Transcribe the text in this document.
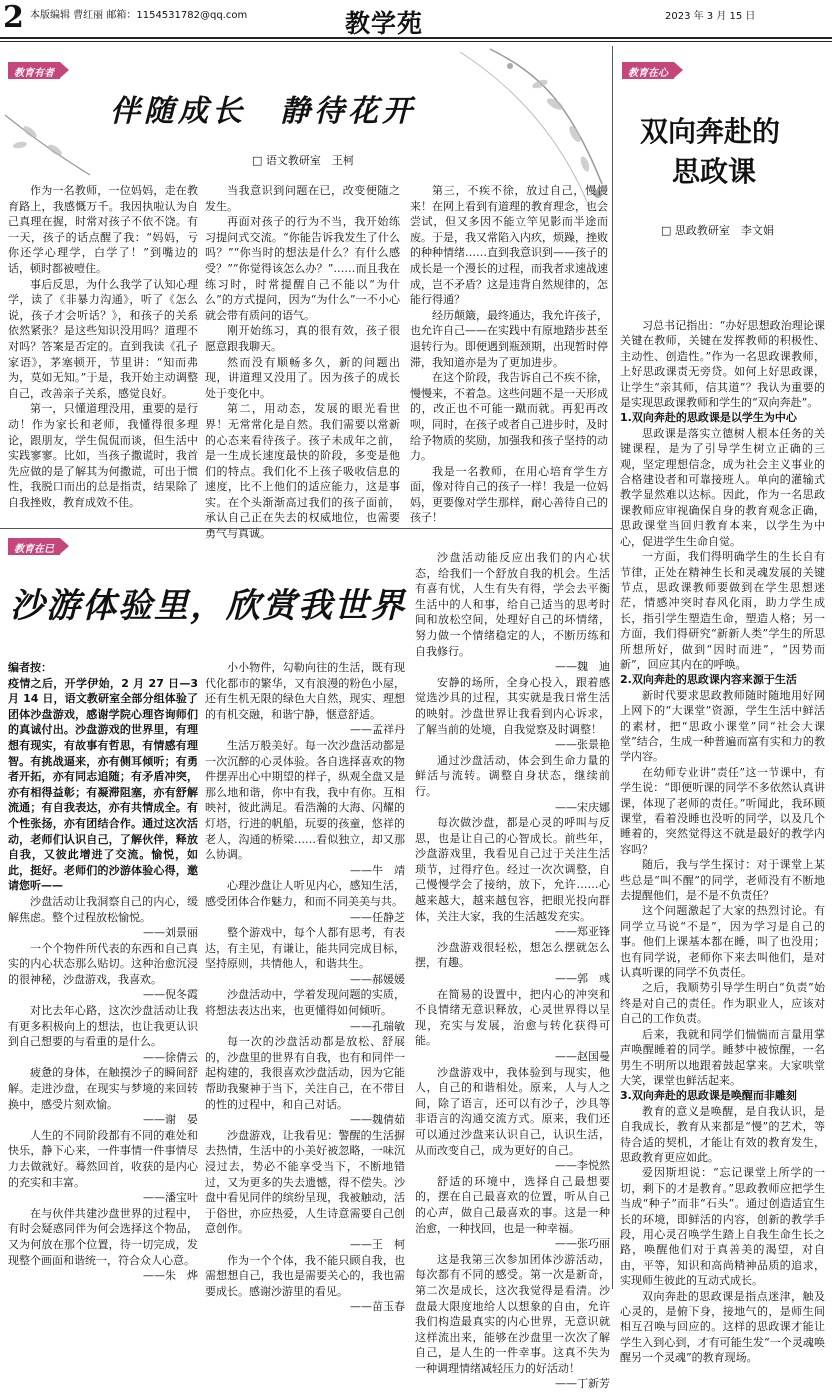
2 本版编辑 曹红丽 邮箱：1154531782@qq.com	教学苑	2023 年 3 月 15 日
教育有者
伴随成长　静待花开
□ 语文教研室　王柯

作为一名教师，一位妈妈，走在教育路上，我感慨万千。我因执啦认为自己真理在握，时常对孩子不依不饶。有一天，孩子的话点醒了我：“妈妈，亏你还学心理学，白学了！”到嘴边的话，顿时都被噎住。

事后反思，为什么我学了认知心理学，读了《非暴力沟通》，听了《怎么说，孩子才会听话？》，和孩子的关系依然紧张？是这些知识没用吗？道理不对吗？答案是否定的。直到我读《孔子家语》，茅塞顿开，节里讲：“知而弗为，莫如无知。”于是，我开始主动调整自己，改善亲子关系，感觉良好。

第一，只懂道理没用，重要的是行动！作为家长和老师，我懂得很多理论，跟朋友，学生侃侃而谈，但生活中实践寥寥。比如，当孩子撒谎时，我首先应做的是了解其为何撒谎，可出于惯性，我脱口而出的总是指责，结果除了自我挫败，教育成效不佳。

当我意识到问题在已，改变便随之发生。

再面对孩子的行为不当，我开始练习提问式交流。“你能告诉我发生了什么吗？”“你当时的想法是什么？有什么感受？”“你觉得该怎么办？”……而且我在练习时，时常提醒自己不能以“为什么”的方式提问，因为“为什么”一不小心就会带有质问的语气。

刚开始练习，真的很有效，孩子很愿意跟我聊天。

然而没有顺畅多久，新的问题出现，讲道理又没用了。因为孩子的成长处于变化中。

第二，用动态，发展的眼光看世界！无常常化是自然。我们需要以常新的心态来看待孩子。孩子未成年之前，是一生成长速度最快的阶段，多变是他们的特点。我们化不上孩子吸收信息的速度，比不上他们的适应能力，这是事实。在个头渐渐高过我们的孩子面前，承认自己正在失去的权威地位，也需要勇气与真诚。

第三，不疾不徐，放过自己，慢慢来！在网上看到有道理的教育理念，也会尝试，但又多因不能立竿见影而半途而废。于是，我又常陷入内疚，烦躁，挫败的种种情绪……直到我意识到——孩子的成长是一个漫长的过程，而我者求速战速成，岂不矛盾？这是违背自然规律的，怎能行得通？

经历颠簸，最终通达，我允许孩子，也允许自己——在实践中有原地踏步甚至退转行为。即便遇到瓶颈期，出现暂时停滞，我知道亦是为了更加进步。

在这个阶段，我告诉自己不疾不徐，慢慢来，不着急。这些问题不是一天形成的，改正也不可能一蹴而就。再犯再改呗，同时，在孩子或者自己进步时，及时给予物质的奖励，加强我和孩子坚持的动力。

我是一名教师，在用心培育学生方面，像对待自己的孩子一样！我是一位妈妈，更要像对学生那样，耐心善待自己的孩子！

教育在已
沙游体验里，欣赏我世界

编者按：

疫情之后，开学伊始，2 月 27 日—3 月 14 日，语文教研室全部分组体验了团体沙盘游戏，感谢学院心理咨询师们的真诚付出。沙盘游戏的世界里，有理想有现实，有故事有哲思，有情感有理智。有挑战逼来，亦有侧耳倾听；有勇者开拓，亦有同志追随；有矛盾冲突，亦有相得益彰；有凝滞阻塞，亦有舒解流通；有自我表达，亦有共情成全。有个性张扬，亦有团结合作。通过这次活动，老师们认识自己，了解伙伴，释放自我，又彼此增进了交流。愉悦，如此，挺好。老师们的沙游体验心得，邀请您听——

沙盘活动让我洞察自己的内心，缓解焦虑。整个过程放松愉悦。

——刘景丽

一个个物件所代表的东西和自己真实的内心状态那么贴切。这种治愈沉浸的很神秘，沙盘游戏，我喜欢。

——倪冬霞

对比去年心路，这次沙盘活动让我有更多积极向上的想法，也让我更认识到自己想要的与看重的是什么。

——徐倩云

疲惫的身体，在触摸沙子的瞬间舒解。走进沙盘，在现实与梦境的来回转换中，感受片刻欢愉。

——谢　晏

人生的不同阶段都有不同的难处和快乐，静下心来，一件事情一件事情尽力去做就好。蓦然回首，收获的是内心的充实和丰富。

——潘宝叶

在与伙伴共建沙盘世界的过程中，有时会疑惑同伴为何会选择这个物品，又为何放在那个位置，待一切完成，发现整个画面和谐统一，符合众人心意。

——朱　烨

小小物件，勾勒向往的生活，既有现代化都市的繁华，又有浪漫的粉色小屋，还有生机无限的绿色大自然，现实、理想的有机交融，和谐宁静，惬意舒适。

——孟祥丹

生活万般美好。每一次沙盘活动都是一次沉醉的心灵体验。各自选择喜欢的物件摆弄出心中期望的样子，纵观全盘又是那么地和谐，你中有我，我中有你。互相映衬，彼此满足。看浩瀚的大海、闪耀的灯塔，行进的帆船，玩耍的孩童，悠祥的老人，沟通的桥梁……看似独立，却又那么协调。

——牛　靖

心理沙盘让人听见内心，感知生活，感受团体合作魅力，和而不同美美与共。

——任静芝

整个游戏中，每个人都有思考，有表达，有主见，有谦让，能共同完成目标，坚持原则，共情他人，和谐共生。

——郝媛媛

沙盘活动中，学着发现问题的实质，将想法表达出来，也更懂得如何倾听。

——孔瑞敏

每一次的沙盘活动都是放松、舒展的，沙盘里的世界有自我，也有和同伴一起构建的，我很喜欢沙盘活动，因为它能帮助我聚神于当下，关注自己，在不带目的性的过程中，和自己对话。

——魏倩茹

沙盘游戏，让我看见：警醒的生活摒去热情，生活中的小美好被忽略，一味沉浸过去，势必不能享受当下，不断地错过，又为更多的失去遗憾，得不偿失。沙盘中看见同伴的缤纷呈现，我被触动，活于俗世，亦应热爱，人生诗意需要自己创意创作。

——王　柯

作为一个个体，我不能只顾自我，也需想想自己，我也是需要关心的，我也需要成长。感谢沙游里的看见。

——苗玉春

沙盘活动能反应出我们的内心状态，给我们一个舒放自我的机会。生活有喜有忧，人生有失有得，学会去平衡生活中的人和事，给自己适当的思考时间和放松空间，处理好自己的坏情绪，努力做一个情绪稳定的人，不断历练和自我修行。

——魏　迪

安静的场所，全身心投入，跟着感觉选沙具的过程，其实就是我日常生活的映射。沙盘世界让我看到内心诉求，了解当前的处境，自我觉察及时调整！

——张景艳

通过沙盘活动，体会到生命力量的鲜活与流转。调整自身状态，继续前行。

——宋庆娜

每次做沙盘，都是心灵的呼叫与反思，也是让自己的心智成长。前些年，沙盘游戏里，我看见自己过于关注生活琐节，过得疗色。经过一次次调整，自己慢慢学会了接纳，放下，允许……心越来越大，越来越包容，把眼光投向群体，关注大家，我的生活越发充实。

——郑亚锋

沙盘游戏很轻松，想怎么摆就怎么摆，有趣。

——郭　彧

在简易的设置中，把内心的冲突和不良情绪无意识释放，心灵世界得以呈现，充实与发展，治愈与转化获得可能。

——赵国曼

沙盘游戏中，我体验到与现实，他人，自己的和谐相处。原来，人与人之间，除了语言，还可以有沙子，沙具等非语言的沟通交流方式。原来，我们还可以通过沙盘来认识自己，认识生活，从而改变自己，成为更好的自己。

——李悦然

舒适的环境中，选择自己最想要的，摆在自己最喜欢的位置，听从自己的心声，做自己最喜欢的事。这是一种治愈，一种找回，也是一种幸福。

——张巧丽

这是我第三次参加团体沙游活动，每次都有不同的感受。第一次是新奇，第二次是成长，这次我觉得是看清。沙盘最大限度地给人以想象的自由，允许我们构造最真实的内心世界，无意识就这样流出来，能够在沙盘里一次次了解自己，是人生的一件幸事。这真不失为一种调理情绪减轻压力的好活动！

——丁新芳

教育在心
双向奔赴的
思政课
□ 思政教研室　李文娟

习总书记指出：“办好思想政治理论课关键在教师，关键在发挥教师的积极性、主动性、创造性。”作为一名思政课教师，上好思政课责无旁贷。如何上好思政课，让学生“亲其师，信其道”？我认为重要的是实现思政课教师和学生的“双向奔赴”。

1.双向奔赴的思政课是以学生为中心

思政课是落实立德树人根本任务的关键课程，是为了引导学生树立正确的三观，坚定理想信念，成为社会主义事业的合格建设者和可靠接班人。单向的灌输式教学显然难以达标。因此，作为一名思政课教师应审视确保自身的教育观念正确，思政课堂当回归教育本来，以学生为中心，促进学生生命自觉。

一方面，我们得明确学生的生长自有节律，正处在精神生长和灵魂发展的关键节点，思政课教师要做到在学生思想迷茫，情感冲突时春风化雨，助力学生成长，指引学生塑造生命，塑造人格；另一方面，我们得研究“新新人类”学生的所思所想所好，做到“因时而进”，“因势而新”，回应其内在的呼唤。

2.双向奔赴的思政课内容来源于生活

新时代要求思政教师随时随地用好网上网下的“大课堂”资源，学生生活中鲜活的素材，把“思政小课堂”同“社会大课堂”结合，生成一种普遍而富有实和力的教学内容。

在幼师专业讲“责任”这一节课中，有学生说：“即便听课的同学不多依然认真讲课，体现了老师的责任。”听闻此，我环顾课堂，看着没睡也没听的同学，以及几个睡着的，突然觉得这不就是最好的教学内容吗？

随后，我与学生探讨：对于课堂上某些总是“叫不醒”的同学，老师没有不断地去提醒他们，是不是不负责任？

这个问题激起了大家的热烈讨论。有同学立马说“不是”，因为学习是自己的事。他们上课基本都在睡，叫了也没用；也有同学说，老师你下来去叫他们，是对认真听课的同学不负责任。

之后，我顺势引导学生明白“负责”始终是对自己的责任。作为职业人，应该对自己的工作负责。

后来，我就和同学们惴惴而言量用掌声唤醒睡着的同学。睡梦中被惊醒，一名男生不明所以地跟着鼓起掌来。大家哄堂大笑，课堂也鲜活起来。

3.双向奔赴的思政课是唤醒而非雕刻

教育的意义是唤醒，是自我认识，是自我成长，教育从来都是“慢”的艺术，等待合适的契机，才能让有效的教育发生，思政教育更应如此。

爱因斯坦说：“忘记课堂上所学的一切，剩下的才是教育。”思政教师应把学生当成“种子”而非“石头”。通过创造适宜生长的环境，即鲜活的内容，创新的教学手段，用心灵召唤学生踏上自我生命生长之路，唤醒他们对于真善美的渴望，对自由，平等，知识和高尚精神品质的追求，实现师生彼此的互动式成长。

双向奔赴的思政课是指点迷津，触及心灵的，是俯下身，接地气的，是师生间相互召唤与回应的。这样的思政课才能让学生入到心到，才有可能生发“一个灵魂唤醒另一个灵魂”的教育现场。
